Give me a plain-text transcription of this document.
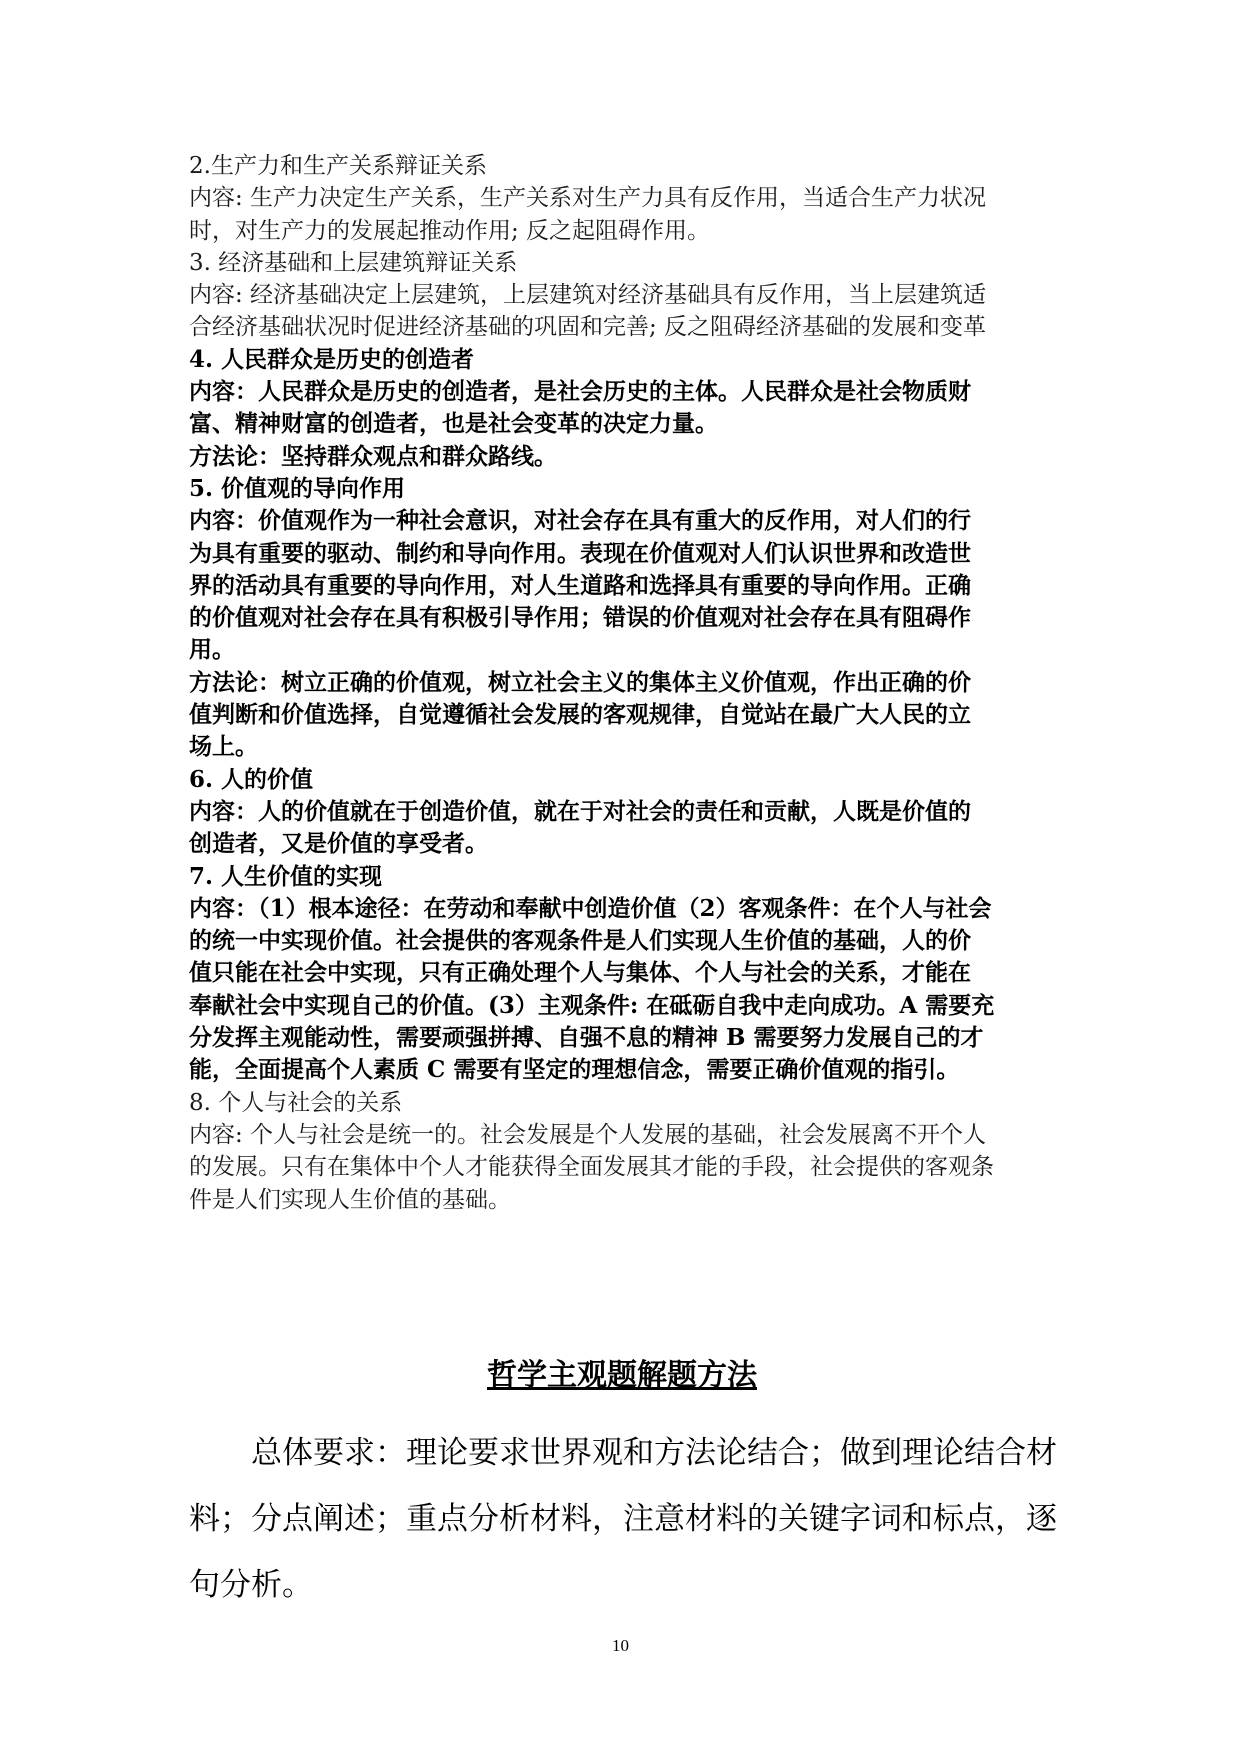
2.生产力和生产关系辩证关系

内容: 生产力决定生产关系，生产关系对生产力具有反作用，当适合生产力状况

时，对生产力的发展起推动作用; 反之起阻碍作用。

3. 经济基础和上层建筑辩证关系

内容: 经济基础决定上层建筑，上层建筑对经济基础具有反作用，当上层建筑适

合经济基础状况时促进经济基础的巩固和完善; 反之阻碍经济基础的发展和变革

4. 人民群众是历史的创造者

内容：人民群众是历史的创造者，是社会历史的主体。人民群众是社会物质财

富、精神财富的创造者，也是社会变革的决定力量。

方法论：坚持群众观点和群众路线。

5. 价值观的导向作用

内容：价值观作为一种社会意识，对社会存在具有重大的反作用，对人们的行

为具有重要的驱动、制约和导向作用。表现在价值观对人们认识世界和改造世

界的活动具有重要的导向作用，对人生道路和选择具有重要的导向作用。正确

的价值观对社会存在具有积极引导作用；错误的价值观对社会存在具有阻碍作

用。

方法论：树立正确的价值观，树立社会主义的集体主义价值观，作出正确的价

值判断和价值选择，自觉遵循社会发展的客观规律，自觉站在最广大人民的立

场上。

6. 人的价值

内容：人的价值就在于创造价值，就在于对社会的责任和贡献，人既是价值的

创造者，又是价值的享受者。

7. 人生价值的实现

内容：（1）根本途径：在劳动和奉献中创造价值（2）客观条件：在个人与社会

的统一中实现价值。社会提供的客观条件是人们实现人生价值的基础，人的价

值只能在社会中实现，只有正确处理个人与集体、个人与社会的关系，才能在

奉献社会中实现自己的价值。(3）主观条件: 在砥砺自我中走向成功。A 需要充

分发挥主观能动性，需要顽强拼搏、自强不息的精神 B 需要努力发展自己的才

能，全面提高个人素质 C 需要有坚定的理想信念，需要正确价值观的指引。

8. 个人与社会的关系

内容: 个人与社会是统一的。社会发展是个人发展的基础，社会发展离不开个人

的发展。只有在集体中个人才能获得全面发展其才能的手段，社会提供的客观条

件是人们实现人生价值的基础。

哲学主观题解题方法

总体要求：理论要求世界观和方法论结合；做到理论结合材

料；分点阐述；重点分析材料，注意材料的关键字词和标点，逐

句分析。

10
